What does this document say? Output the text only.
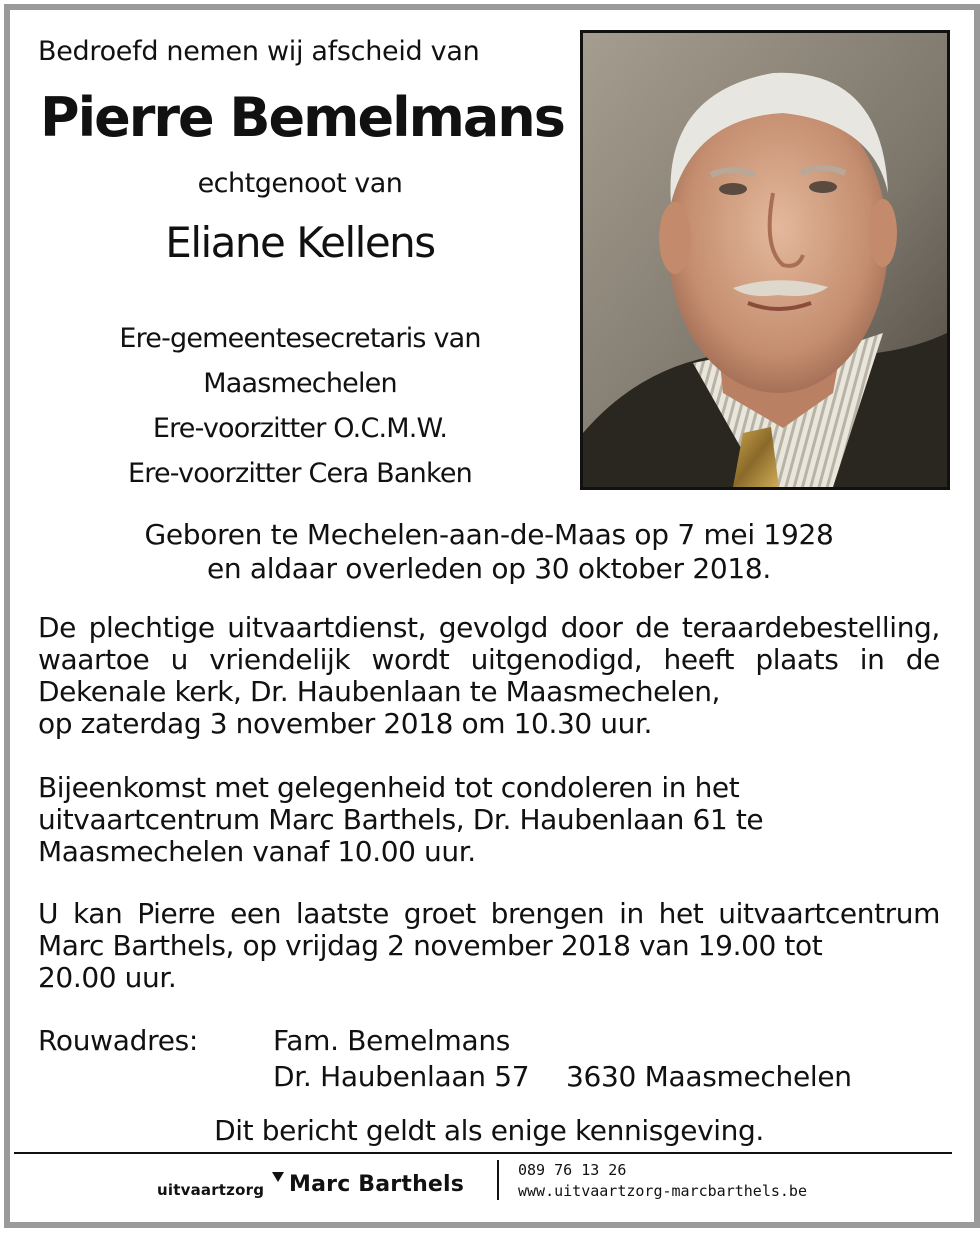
Bedroefd nemen wij afscheid van
Pierre Bemelmans
echtgenoot van
Eliane Kellens
Ere-gemeentesecretaris van
Maasmechelen
Ere-voorzitter O.C.M.W.
Ere-voorzitter Cera Banken
Geboren te Mechelen-aan-de-Maas op 7 mei 1928
en aldaar overleden op 30 oktober 2018.
De plechtige uitvaartdienst, gevolgd door de teraardebestelling,
waartoe u vriendelijk wordt uitgenodigd, heeft plaats in de
Dekenale kerk, Dr. Haubenlaan te Maasmechelen,
op zaterdag 3 november 2018 om 10.30 uur.
Bijeenkomst met gelegenheid tot condoleren in het
uitvaartcentrum Marc Barthels, Dr. Haubenlaan 61 te
Maasmechelen vanaf 10.00 uur.
U kan Pierre een laatste groet brengen in het uitvaartcentrum
Marc Barthels, op vrijdag 2 november 2018 van 19.00 tot
20.00 uur.
Rouwadres:	Fam. Bemelmans
Dr. Haubenlaan 57 3630 Maasmechelen
Dit bericht geldt als enige kennisgeving.
uitvaartzorg Marc Barthels
089 76 13 26
www.uitvaartzorg-marcbarthels.be
